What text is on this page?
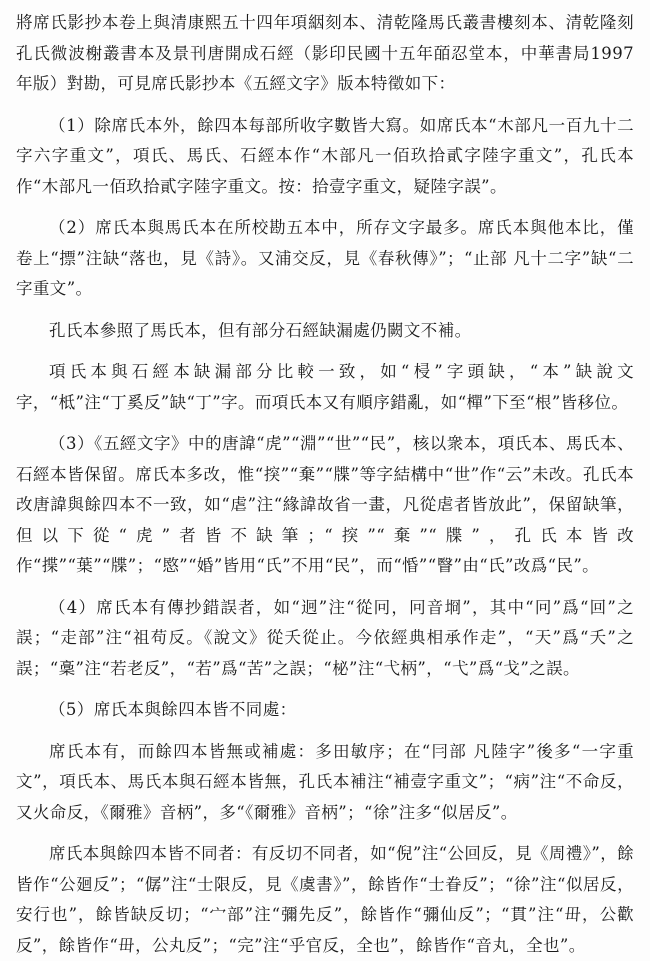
將席氏影抄本卷上與清康熙五十四年項絪刻本、清乾隆馬氏叢書樓刻本、清乾隆刻孔氏微波榭叢書本及景刊唐開成石經（影印民國十五年皕忍堂本，中華書局1997年版）對勘，可見席氏影抄本《五經文字》版本特徵如下：

（1）除席氏本外，餘四本每部所收字數皆大寫。如席氏本“木部凡一百九十二字六字重文”，項氏、馬氏、石經本作“木部凡一佰玖拾貳字陸字重文”，孔氏本作“木部凡一佰玖拾貳字陸字重文。按：拾壹字重文，疑陸字誤”。

（2）席氏本與馬氏本在所校勘五本中，所存文字最多。席氏本與他本比，僅卷上“摽”注缺“落也，見《詩》。又浦交反，見《春秋傳》”；“止部 凡十二字”缺“二字重文”。

孔氏本參照了馬氏本，但有部分石經缺漏處仍闕文不補。

項氏本與石經本缺漏部分比較一致，如“梫”字頭缺，“本”缺說文字，“柢”注“丁奚反”缺“丁”字。而項氏本又有順序錯亂，如“樿”下至“根”皆移位。

（3）《五經文字》中的唐諱“虎”“淵”“世”“民”，核以衆本，項氏本、馬氏本、石經本皆保留。席氏本多改，惟“揬”“棄”“牒”等字結構中“世”作“云”未改。孔氏本改唐諱與餘四本不一致，如“虐”注“緣諱故省一畫，凡從虐者皆放此”，保留缺筆，但以下從“虎”者皆不缺筆；“揬”“棄”“牒”，孔氏本皆改作“揲”“葉”“牒”；“愍”“婚”皆用“氏”不用“民”，而“惛”“瞖”由“氏”改爲“民”。

（4）席氏本有傳抄錯誤者，如“迥”注“從冋，冋音埛”，其中“冋”爲“回”之誤；“走部”注“祖苟反。《說文》從夭從止。今依經典相承作走”，“天”爲“夭”之誤；“稾”注“若老反”，“若”爲“苦”之誤；“柲”注“弋柄”，“弋”爲“戈”之誤。

（5）席氏本與餘四本皆不同處：

席氏本有，而餘四本皆無或補處：多田敏序；在“冃部 凡陸字”後多“一字重文”，項氏本、馬氏本與石經本皆無，孔氏本補注“補壹字重文”；“病”注“不命反，又火命反，《爾雅》音柄”，多“《爾雅》音柄”；“徐”注多“似居反”。

席氏本與餘四本皆不同者：有反切不同者，如“倪”注“公回反，見《周禮》”，餘皆作“公廻反”；“僝”注“士限反，見《虞書》”，餘皆作“士眷反”；“徐”注“似居反，安行也”，餘皆缺反切；“宀部”注“彌先反”，餘皆作“彌仙反”；“貫”注“毌，公歡反”，餘皆作“毌，公丸反”；“完”注“乎官反，全也”，餘皆作“音丸，全也”。
